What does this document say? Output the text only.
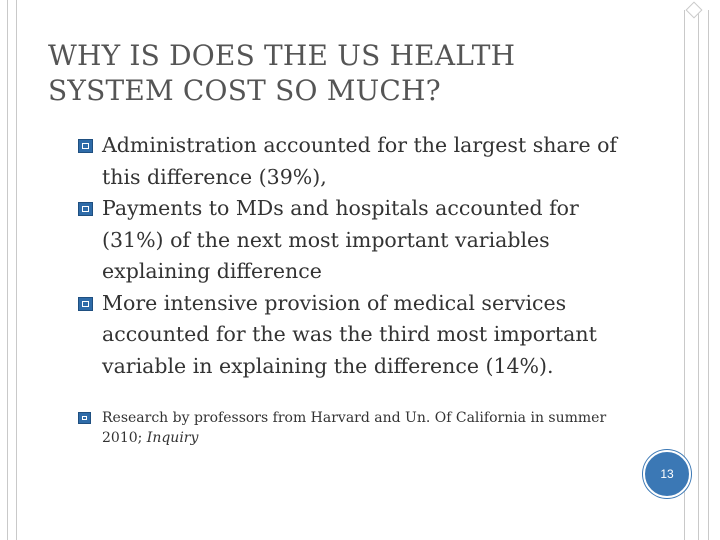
WHY IS DOES THE US HEALTH
SYSTEM COST SO MUCH?
Administration accounted for the largest share of this difference (39%),
Payments to MDs and hospitals accounted for (31%) of the next most important variables explaining difference
More intensive provision of medical services accounted for the was the third most important variable in explaining the difference (14%).
Research by professors from Harvard and Un. Of California in summer 2010; Inquiry
13
